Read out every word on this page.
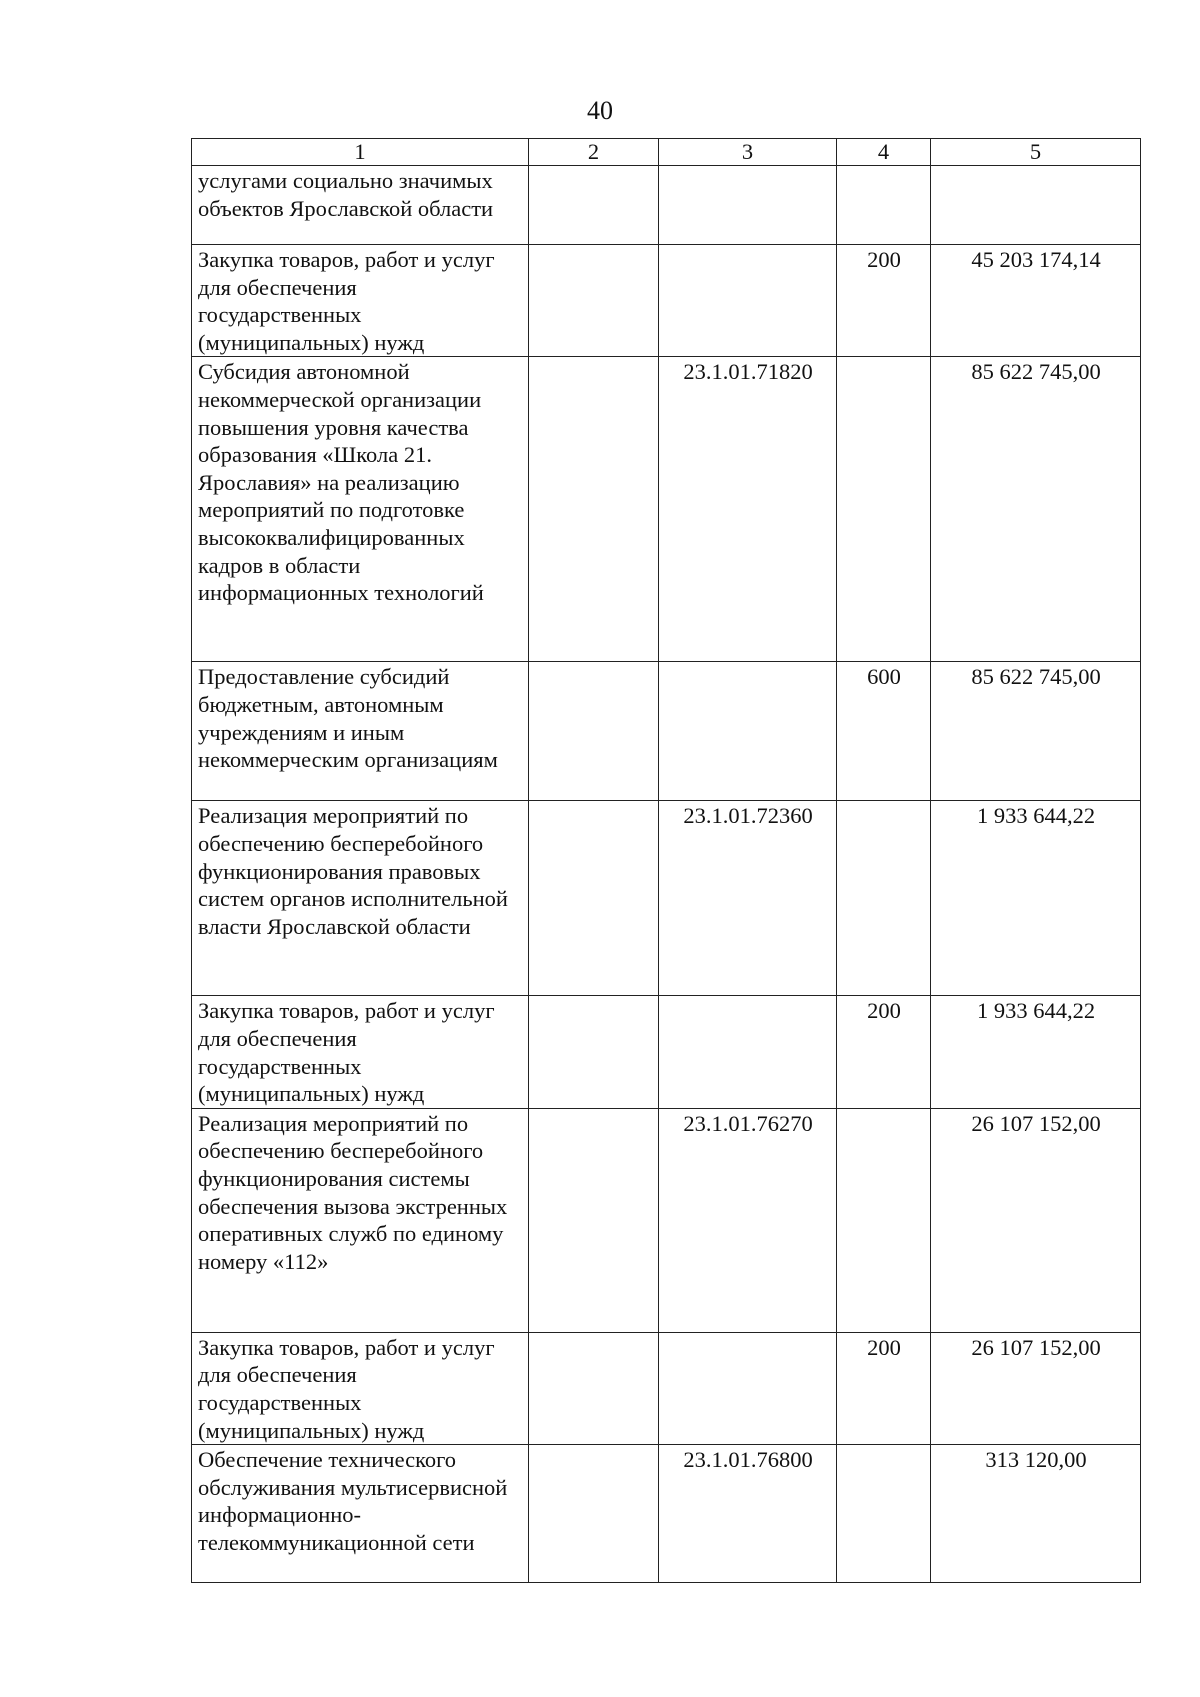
40
1	2	3	4	5
услугами социально значимых объектов Ярославской области				
Закупка товаров, работ и услуг для обеспечения государственных (муниципальных) нужд			200	45 203 174,14
Субсидия автономной некоммерческой организации повышения уровня качества образования «Школа 21. Ярославия» на реализацию мероприятий по подготовке высококвалифицированных кадров в области информационных технологий		23.1.01.71820		85 622 745,00
Предоставление субсидий бюджетным, автономным учреждениям и иным некоммерческим организациям			600	85 622 745,00
Реализация мероприятий по обеспечению бесперебойного функционирования правовых систем органов исполнительной власти Ярославской области		23.1.01.72360		1 933 644,22
Закупка товаров, работ и услуг для обеспечения государственных (муниципальных) нужд			200	1 933 644,22
Реализация мероприятий по обеспечению бесперебойного функционирования системы обеспечения вызова экстренных оперативных служб по единому номеру «112»		23.1.01.76270		26 107 152,00
Закупка товаров, работ и услуг для обеспечения государственных (муниципальных) нужд			200	26 107 152,00
Обеспечение технического обслуживания мультисервисной информационно-телекоммуникационной сети		23.1.01.76800		313 120,00
